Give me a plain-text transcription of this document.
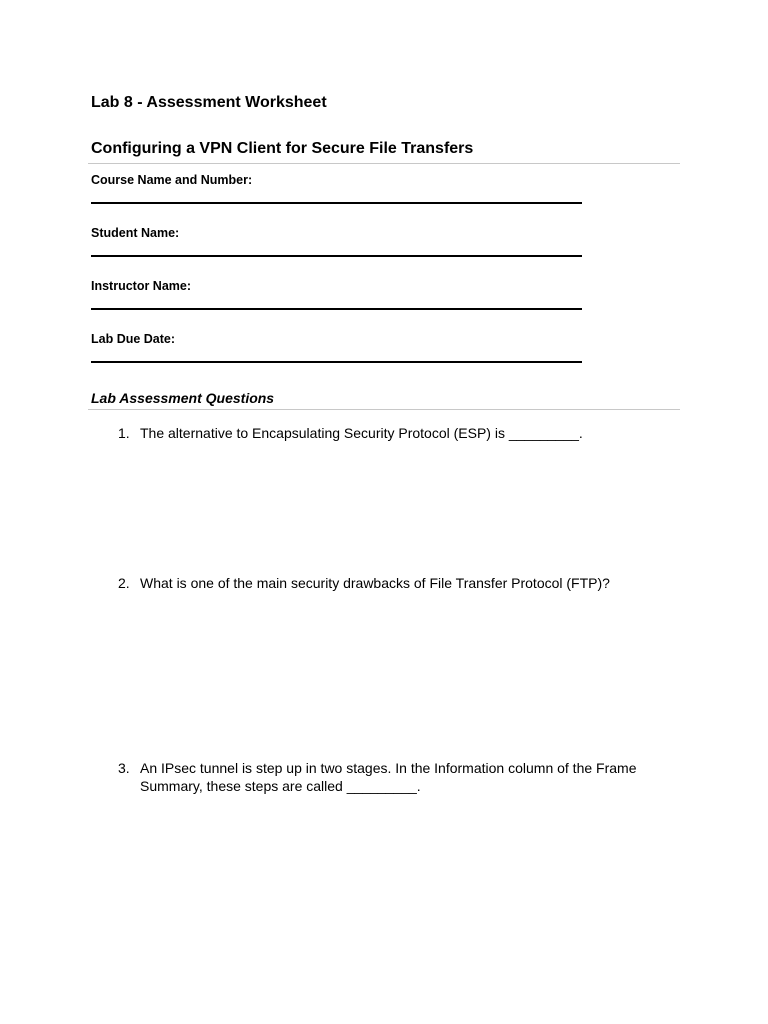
Lab 8 - Assessment Worksheet
Configuring a VPN Client for Secure File Transfers
Course Name and Number:
Student Name:
Instructor Name:
Lab Due Date:
Lab Assessment Questions
1. The alternative to Encapsulating Security Protocol (ESP) is _________.
2. What is one of the main security drawbacks of File Transfer Protocol (FTP)?
3. An IPsec tunnel is step up in two stages. In the Information column of the Frame Summary, these steps are called _________.
